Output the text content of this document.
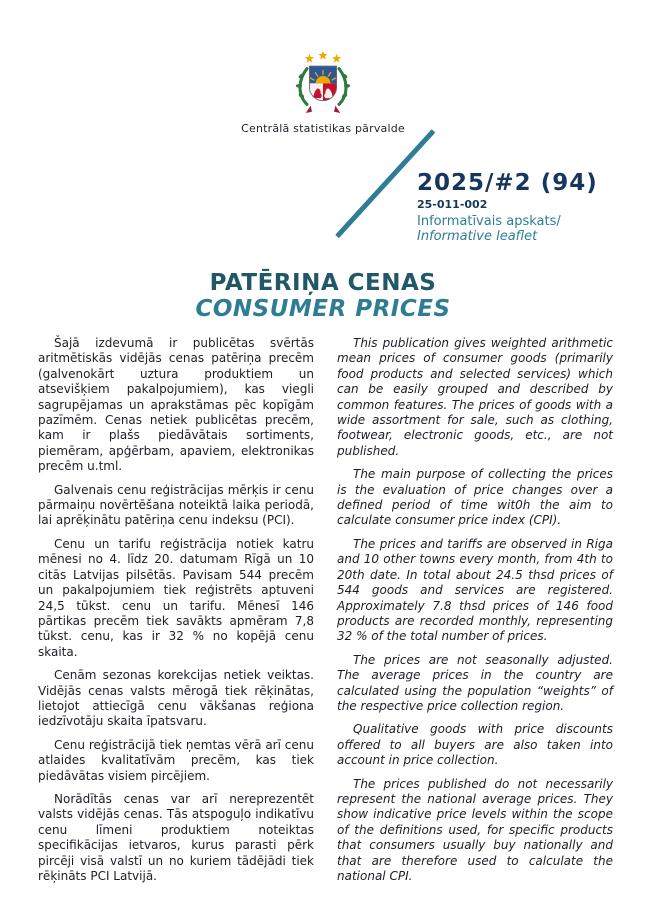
Centrālā statistikas pārvalde
2025/#2 (94)
25-011-002
Informatīvais apskats/
Informative leaflet
PATĒRIŅA CENAS
CONSUMER PRICES

Šajā izdevumā ir publicētas svērtās aritmētiskās vidējās cenas patēriņa precēm (galvenokārt uztura produktiem un atsevišķiem pakalpojumiem), kas viegli sagrupējamas un aprakstāmas pēc kopīgām pazīmēm. Cenas netiek publicētas precēm, kam ir plašs piedāvātais sortiments, piemēram, apģērbam, apaviem, elektronikas precēm u.tml.

Galvenais cenu reģistrācijas mērķis ir cenu pārmaiņu novērtēšana noteiktā laika periodā, lai aprēķinātu patēriņa cenu indeksu (PCI).

Cenu un tarifu reģistrācija notiek katru mēnesi no 4. līdz 20. datumam Rīgā un 10 citās Latvijas pilsētās. Pavisam 544 precēm un pakalpojumiem tiek reģistrēts aptuveni 24,5 tūkst. cenu un tarifu. Mēnesī 146 pārtikas precēm tiek savākts apmēram 7,8 tūkst. cenu, kas ir 32 % no kopējā cenu skaita.

Cenām sezonas korekcijas netiek veiktas. Vidējās cenas valsts mērogā tiek rēķinātas, lietojot attiecīgā cenu vākšanas reģiona iedzīvotāju skaita īpatsvaru.

Cenu reģistrācijā tiek ņemtas vērā arī cenu atlaides kvalitatīvām precēm, kas tiek piedāvātas visiem pircējiem.

Norādītās cenas var arī nereprezentēt valsts vidējās cenas. Tās atspoguļo indikatīvu cenu līmeni produktiem noteiktas specifikācijas ietvaros, kurus parasti pērk pircēji visā valstī un no kuriem tādējādi tiek rēķināts PCI Latvijā.

This publication gives weighted arithmetic mean prices of consumer goods (primarily food products and selected services) which can be easily grouped and described by common features. The prices of goods with a wide assortment for sale, such as clothing, footwear, electronic goods, etc., are not published.

The main purpose of collecting the prices is the evaluation of price changes over a defined period of time wit0h the aim to calculate consumer price index (CPI).

The prices and tariffs are observed in Riga and 10 other towns every month, from 4th to 20th date. In total about 24.5 thsd prices of 544 goods and services are registered. Approximately 7.8 thsd prices of 146 food products are recorded monthly, representing 32 % of the total number of prices.

The prices are not seasonally adjusted. The average prices in the country are calculated using the population “weights” of the respective price collection region.

Qualitative goods with price discounts offered to all buyers are also taken into account in price collection.

The prices published do not necessarily represent the national average prices. They show indicative price levels within the scope of the definitions used, for specific products that consumers usually buy nationally and that are therefore used to calculate the national CPI.
